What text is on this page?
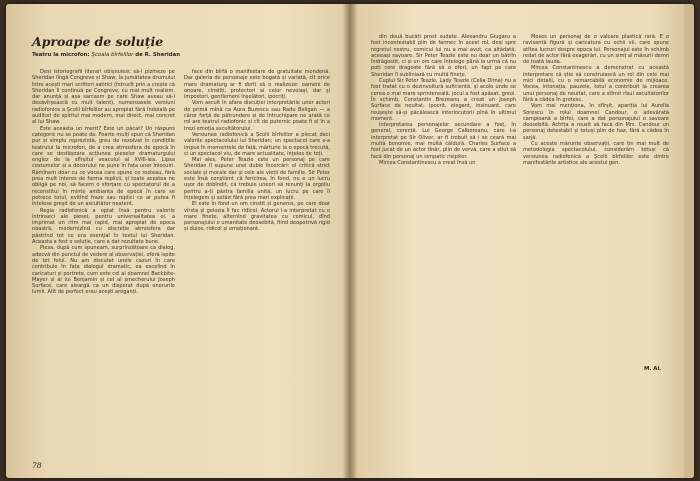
Aproape de soluție
Teatru la microfon: Școala bîrfelilor de R. Sheridan

Deși istoriografii literari obișnuiesc să-l pizmeze pe Sheridan lîngă Congreve și Shaw, la jumătatea drumului între acești mari scriitori satirici (întrucît prin a crește că Sheridan îl continuă pe Congreve, cu mai mult realism, dar anunță și așa sarcasm pe care Shaw aveau să-l desăvîrșească cu mult talent), numeroasele versiuni radiofonice a Școlii bîrfelilor au apropiat fără îndoială pe auditori de spiritul mai modern, mai direct, mai concret al lui Shaw.

Este aceasta un merit? Este un păcat? Un răspuns categoric nu se poate da. Foarte mulți spun că Sheridan pur și simplu reprezintă, greu de rezolvat în condițiile teatrului la microfon, de a crea atmosfera de epocă în care se desfășoara acțiunea pieselor dramaturgului englez de la sfîrșitul veacului al XVIII-lea. Lipsa costumelor și a decorului ne pune în fața unor înlocuiri. Rămînem doar cu ce vocea care spune ce rosteau, fără prea mult interes de forma replicii, și toate acestea ne obligă pe noi, să facem o sforțare cu spectatorul de a reconstitui în minte ambianța de epocă în care se petrece totul, evitînd fraze sau replici ce ar putea fi înțelese greșit de un ascultător neatent.

Regia radiofonică a optat însă pentru valorile intrinseci ale piesei, pentru universalitatea ei, a imprimat un ritm mai rapid, mai apropiat de epoca noastră, modernizînd cu discreție atmosfera dar păstrînd tot ce era esențial în textul lui Sheridan. Aceasta a fost o soluție, care a dat rezultate bune.

Piesa, după cum spuneam, surprinzătoare ca dialog, adecvă din punctul de vedere al observației, oferă ispite de tot felul. Nu am discutat unele cazuri în care contribuie în fața dialogul dramatic, ea excelînd în caricaturi și portrete, cum este cel al doamnei Backbite-Mayer și al lui Benjamin și cel al șmecherului Joseph Surface, care aleargă ca un disperat după onorurile lumii. Atît de perfect erau acești aroganți.

face din bîrfă o manifestare de gratuitate mondenă. Dar galeria de personaje este bogată și variată, cît orice mare dramaturg ar fi dorit să o realizeze: oameni de onoare, cinstiți, protectori ai celor nevoiași, dar și impostori, gentlemeni înșelători, ipocriți.

Vom ascult în afara discuției interpretările unor actori de primă mînă ca Aura Buzescu sau Radu Beligan — a căror forță de pătrundere și de întruchipare ne arată ce rol are teatrul radiofonic și cît de puternic poate fi el în a trezi emoția ascultătorului.

Versiunea radiofonică a Școlii bîrfelilor a plecat deci valorile spectacolului lui Sheridan; un spectacol care s-a impus în momentele de față, mărturie la o epocă trecută, ci un spectacol viu, de mare actualitate, înțeles de toți.

Mai ales, Peter Teazle este un personaj pe care Sheridan îl supune unei duble încercări: el critică strict sociale și morale dar și cele ale vieții de familie. Sir Peter este însă conștient că fericirea, în fond, nu e un lucru ușor de dobîndit, că trebuie uneori să renunți la orgoliu pentru a-ți păstra familia unită, un lucru pe care îl înțelegem și astăzi fără prea mari explicații.

El este în fond un om cinstit și generos, pe care doar vîrsta și gelozia îl fac ridicol. Actorul l-a interpretat cu o mare finețe, alternînd gravitatea cu comicul, dînd personajului o umanitate deosebită, fiind deopotrivă rigid și duios, ridicol și emoționant.

78

din două bucăți prost sudate. Alexandru Giugaru a fost incontestabil plin de farmec în acest rol, deși spre regretul nostru, comicul lui nu a mai avut, ca altădată, aceeași savoare. Sir Peter Teazle este nu doar un bătrîn îndrăgostit, ci și un om care înțelege până la urmă că nu poți cere dragoste fără să o oferi, un fapt pe care Sheridan îl subliniază cu multă finețe.

Cuplul Sir Peter Teazle, Lady Teazle (Celia Dima) nu a fost tratat cu o dezinvoltură suficientă, și acolo unde se cerea o mai mare sprinteneală, jocul a fost apăsat, greoi. În schimb, Constantin Brezeanu a creat un Joseph Surface de neuitat, ipocrit, elegant, insinuant, care reușește să-și păcălească interlocutorii pînă în ultimul moment.

Interpretarea personajelor secundare a fost, în general, corectă. Lui George Calboreanu, care l-a interpretat pe Sir Oliver, ar fi trebuit să i se ceară mai multă bonomie, mai multă căldură. Charles Surface a fost jucat de un actor tînăr, plin de vervă, care a știut să facă din personaj un simpatic risipitor.

Mircea Constantinescu a creat însă un

Moses un personaj de o valoare plastică rară. E o ravisantă figură și caricatura cu ochii vii, care spune atîtea lucruri despre epoca lui. Personajul este în schimb redat de actor fără exagerări, cu un simț al măsurii demn de toată lauda.

Mircea Constantinescu a demonstrat cu această interpretare că știe să construiască un rol din cele mai mici detalii, cu o remarcabilă economie de mijloace. Vocea, intonația, pauzele, totul a contribuit la crearea unui personaj de neuitat, care a stîrnit rîsul ascultătorilor fără a cădea în grotesc.

Vom mai menționa, în sfîrșit, apariția lui Aurelia Sorescu în rolul doamnei Candour, o adevărată campioană a bîrfei, care a dat personajului o savoare deosebită. Actrița a reușit să facă din Mrs. Candour un personaj detestabil și totuși plin de haz, fără a cădea în șarjă.

Cu aceste mărunte observații, care țin mai mult de metodologia spectacolului, considerăm totuși că versiunea radiofonică a Școlii bîrfelilor este dintre manifestările artistice ale acestui gen.

M. Al.
